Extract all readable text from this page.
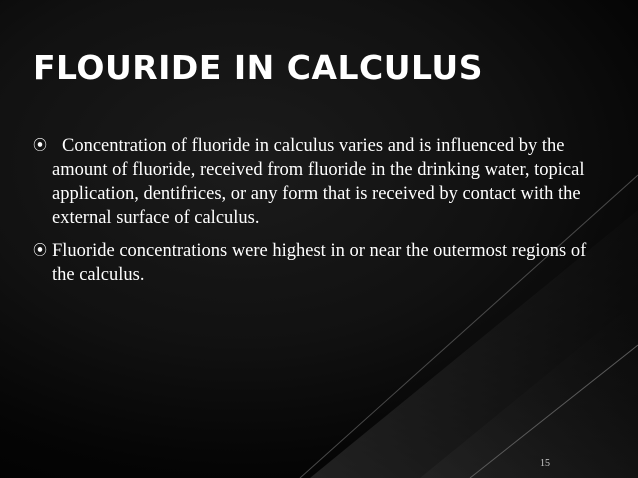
FLOURIDE IN CALCULUS
⦿ Concentration of fluoride in calculus varies and is influenced by the amount of fluoride, received from fluoride in the drinking water, topical application, dentifrices, or any form that is received by contact with the external surface of calculus.
⦿ Fluoride concentrations were highest in or near the outermost regions of the calculus.
15
